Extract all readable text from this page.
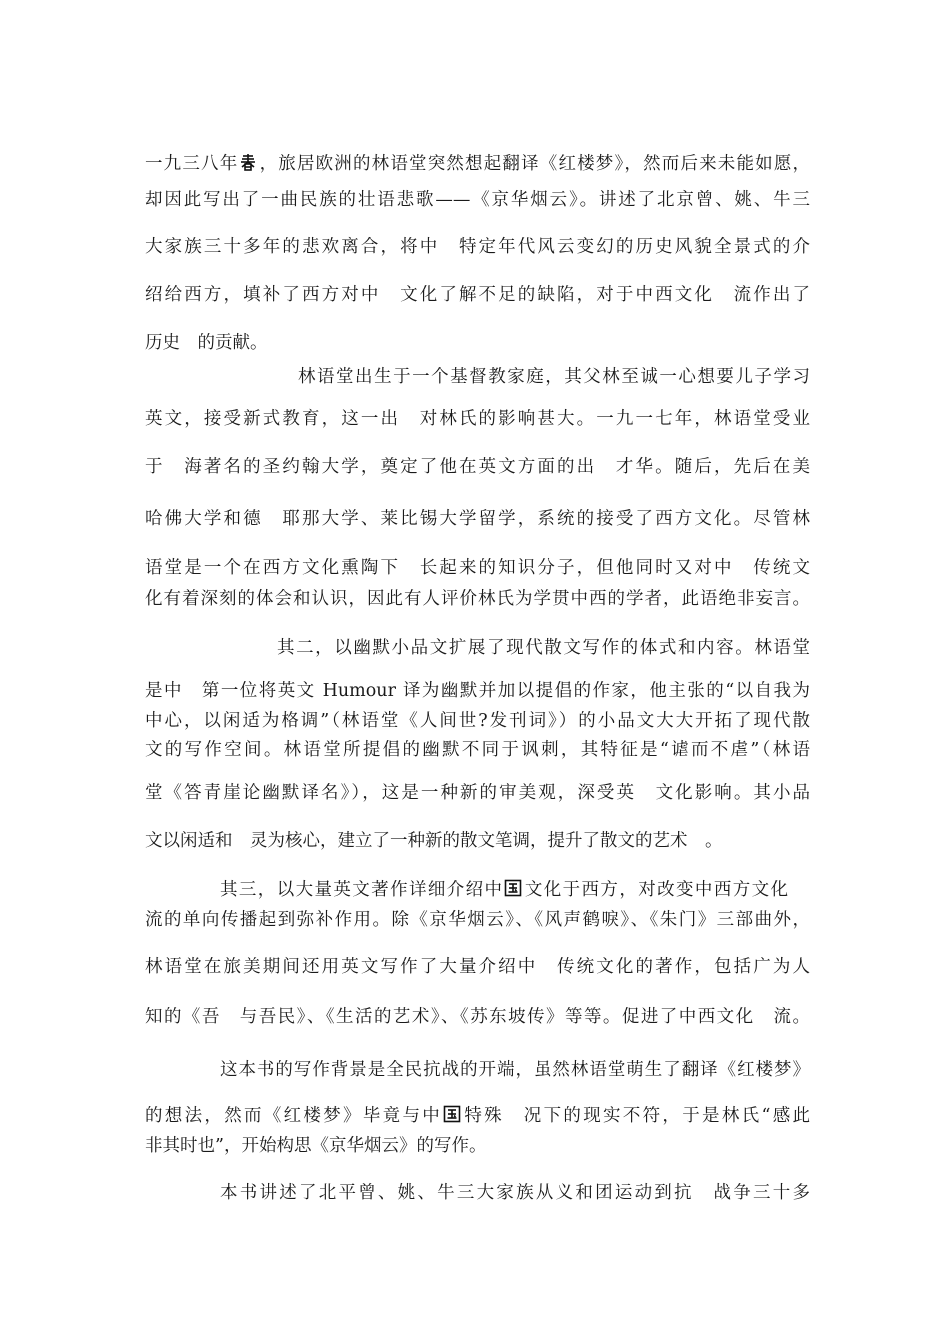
一九三八年 ，旅居欧洲的林语堂突然想起翻译《红楼梦》，然而后来未能如愿，
却因此写出了一曲民族的壮语悲歌——《京华烟云》。讲述了北京曾、姚、牛三
大家族三十多年的悲欢离合，将中　特定年代风云变幻的历史风貌全景式的介
绍给西方，填补了西方对中　文化了解不足的缺陷，对于中西文化　流作出了
历史　的贡献。
林语堂出生于一个基督教家庭，其父林至诚一心想要儿子学习
英文，接受新式教育，这一出　对林氏的影响甚大。一九一七年，林语堂受业
于　海著名的圣约翰大学，奠定了他在英文方面的出　才华。随后，先后在美
哈佛大学和德　耶那大学、莱比锡大学留学，系统的接受了西方文化。尽管林
语堂是一个在西方文化熏陶下　长起来的知识分子，但他同时又对中　传统文
化有着深刻的体会和认识，因此有人评价林氏为学贯中西的学者，此语绝非妄言。
其二，以幽默小品文扩展了现代散文写作的体式和内容。林语堂
是中　第一位将英文 Humour 译为幽默并加以提倡的作家，他主张的“以自我为
中心，以闲适为格调”（林语堂《人间世?发刊词》）的小品文大大开拓了现代散
文的写作空间。林语堂所提倡的幽默不同于讽刺，其特征是“谑而不虐”（林语
堂《答青崖论幽默译名》），这是一种新的审美观，深受英　文化影响。其小品
文以闲适和　灵为核心，建立了一种新的散文笔调，提升了散文的艺术　。
其三，以大量英文著作详细介绍中 文化于西方，对改变中西方文化
流的单向传播起到弥补作用。除《京华烟云》、《风声鹤唳》、《朱门》三部曲外，
林语堂在旅美期间还用英文写作了大量介绍中　传统文化的著作，包括广为人
知的《吾　与吾民》、《生活的艺术》、《苏东坡传》等等。促进了中西文化　流。
这本书的写作背景是全民抗战的开端，虽然林语堂萌生了翻译《红楼梦》
的想法，然而《红楼梦》毕竟与中 特殊　况下的现实不符，于是林氏“感此
非其时也”，开始构思《京华烟云》的写作。
本书讲述了北平曾、姚、牛三大家族从义和团运动到抗　战争三十多
